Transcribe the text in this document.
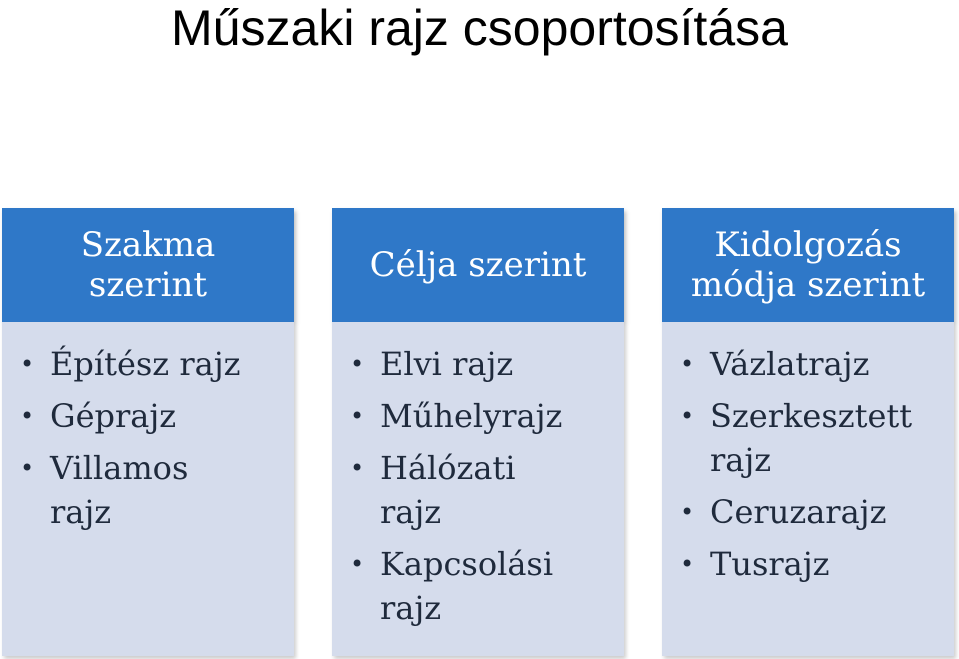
Műszaki rajz csoportosítása
Szakma
szerint
• Építész rajz
• Géprajz
• Villamos rajz
Célja szerint
• Elvi rajz
• Műhelyrajz
• Hálózati rajz
• Kapcsolási rajz
Kidolgozás
módja szerint
• Vázlatrajz
• Szerkesztett rajz
• Ceruzarajz
• Tusrajz
